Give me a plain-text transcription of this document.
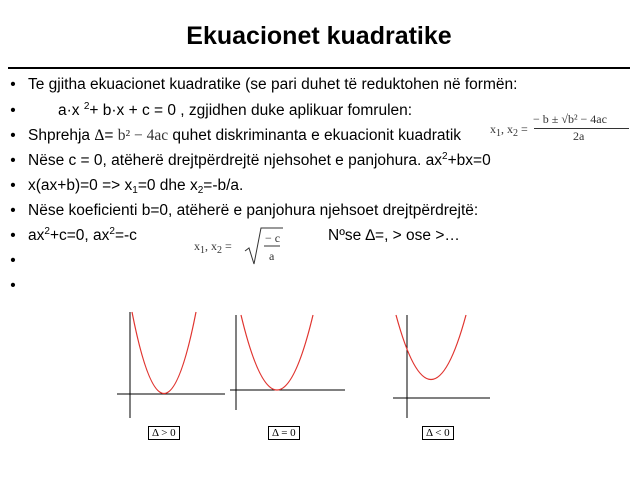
Ekuacionet kuadratike
• Te gjitha ekuacionet kuadratike (se pari duhet të reduktohen në formën:
•	a·x $^2$+ b·x + c = 0 , zgjidhen duke aplikuar fomrulen:
• Shprehja Δ= b² − 4ac quhet diskriminanta e ekuacionit kuadratik
• Nëse c = 0, atëherë drejtpërdrejtë njehsohet e panjohura. $ax^2+bx=0$
• $x(ax+b)=0 => x_1=0$ dhe $x_2=-b/a$.
• Nëse koeficienti b=0, atëherë e panjohura njehsoet drejtpërdrejtë:
• $ax^2+c=0$, $ax^2=-c$	Nºse ∆=, > ose >…
•
•
$x_1$, $x_2$ =
− b ± √b² − 4ac
2a
$x_1$, $x_2$ =
− c
a
Δ > 0	Δ = 0	Δ < 0
